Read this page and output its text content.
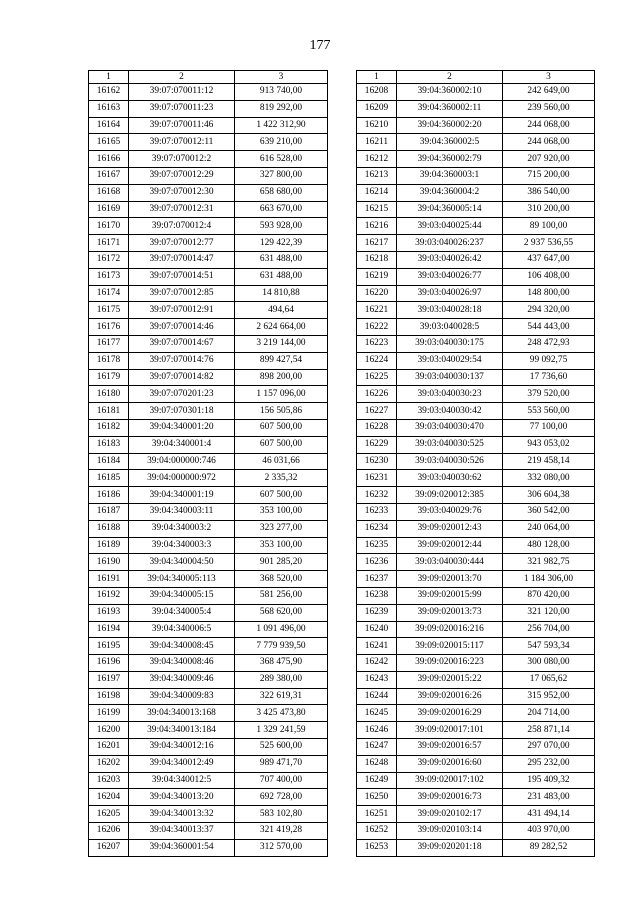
177
1	2	3
16162	39:07:070011:12	913 740,00
16163	39:07:070011:23	819 292,00
16164	39:07:070011:46	1 422 312,90
16165	39:07:070012:11	639 210,00
16166	39:07:070012:2	616 528,00
16167	39:07:070012:29	327 800,00
16168	39:07:070012:30	658 680,00
16169	39:07:070012:31	663 670,00
16170	39:07:070012:4	593 928,00
16171	39:07:070012:77	129 422,39
16172	39:07:070014:47	631 488,00
16173	39:07:070014:51	631 488,00
16174	39:07:070012:85	14 810,88
16175	39:07:070012:91	494,64
16176	39:07:070014:46	2 624 664,00
16177	39:07:070014:67	3 219 144,00
16178	39:07:070014:76	899 427,54
16179	39:07:070014:82	898 200,00
16180	39:07:070201:23	1 157 096,00
16181	39:07:070301:18	156 505,86
16182	39:04:340001:20	607 500,00
16183	39:04:340001:4	607 500,00
16184	39:04:000000:746	46 031,66
16185	39:04:000000:972	2 335,32
16186	39:04:340001:19	607 500,00
16187	39:04:340003:11	353 100,00
16188	39:04:340003:2	323 277,00
16189	39:04:340003:3	353 100,00
16190	39:04:340004:50	901 285,20
16191	39:04:340005:113	368 520,00
16192	39:04:340005:15	581 256,00
16193	39:04:340005:4	568 620,00
16194	39:04:340006:5	1 091 496,00
16195	39:04:340008:45	7 779 939,50
16196	39:04:340008:46	368 475,90
16197	39:04:340009:46	289 380,00
16198	39:04:340009:83	322 619,31
16199	39:04:340013:168	3 425 473,80
16200	39:04:340013:184	1 329 241,59
16201	39:04:340012:16	525 600,00
16202	39:04:340012:49	989 471,70
16203	39:04:340012:5	707 400,00
16204	39:04:340013:20	692 728,00
16205	39:04:340013:32	583 102,80
16206	39:04:340013:37	321 419,28
16207	39:04:360001:54	312 570,00
1	2	3
16208	39:04:360002:10	242 649,00
16209	39:04:360002:11	239 560,00
16210	39:04:360002:20	244 068,00
16211	39:04:360002:5	244 068,00
16212	39:04:360002:79	207 920,00
16213	39:04:360003:1	715 200,00
16214	39:04:360004:2	386 540,00
16215	39:04:360005:14	310 200,00
16216	39:03:040025:44	89 100,00
16217	39:03:040026:237	2 937 536,55
16218	39:03:040026:42	437 647,00
16219	39:03:040026:77	106 408,00
16220	39:03:040026:97	148 800,00
16221	39:03:040028:18	294 320,00
16222	39:03:040028:5	544 443,00
16223	39:03:040030:175	248 472,93
16224	39:03:040029:54	99 092,75
16225	39:03:040030:137	17 736,60
16226	39:03:040030:23	379 520,00
16227	39:03:040030:42	553 560,00
16228	39:03:040030:470	77 100,00
16229	39:03:040030:525	943 053,02
16230	39:03:040030:526	219 458,14
16231	39:03:040030:62	332 080,00
16232	39:09:020012:385	306 604,38
16233	39:03:040029:76	360 542,00
16234	39:09:020012:43	240 064,00
16235	39:09:020012:44	480 128,00
16236	39:03:040030:444	321 982,75
16237	39:09:020013:70	1 184 306,00
16238	39:09:020015:99	870 420,00
16239	39:09:020013:73	321 120,00
16240	39:09:020016:216	256 704,00
16241	39:09:020015:117	547 593,34
16242	39:09:020016:223	300 080,00
16243	39:09:020015:22	17 065,62
16244	39:09:020016:26	315 952,00
16245	39:09:020016:29	204 714,00
16246	39:09:020017:101	258 871,14
16247	39:09:020016:57	297 070,00
16248	39:09:020016:60	295 232,00
16249	39:09:020017:102	195 409,32
16250	39:09:020016:73	231 483,00
16251	39:09:020102:17	431 494,14
16252	39:09:020103:14	403 970,00
16253	39:09:020201:18	89 282,52
